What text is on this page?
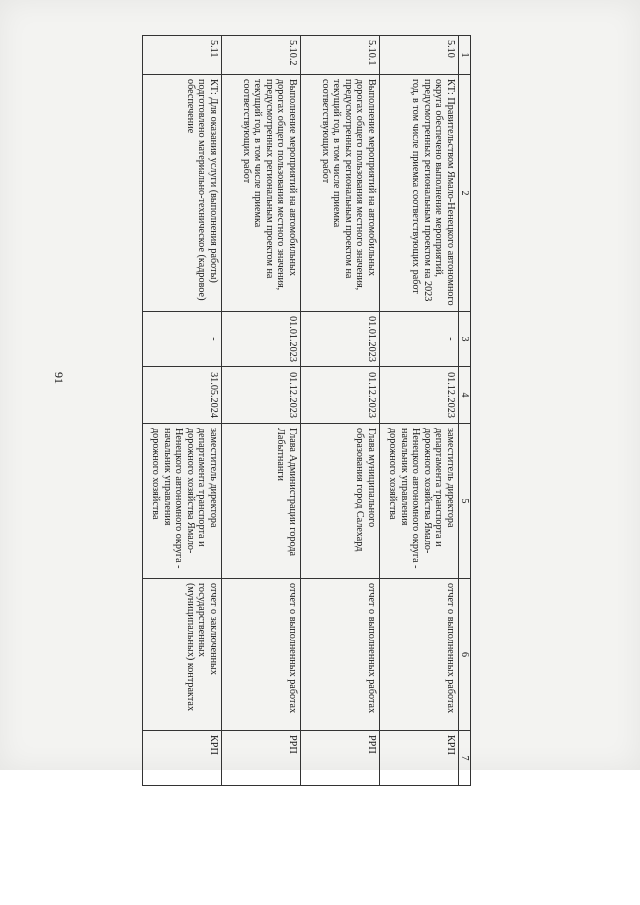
91
1	2	3	4	5	6	7
5.10	КТ: Правительством Ямало-Ненецкого автономного округа обеспечено выполнение мероприятий, предусмотренных региональным проектом на 2023 год, в том числе приемка соответствующих работ	-	01.12.2023	заместитель директора департамента транспорта и дорожного хозяйства Ямало-Ненецкого автономного округа - начальник управления дорожного хозяйства	отчет о выполненных работах	КРП
5.10.1	Выполнение мероприятий на автомобильных дорогах общего пользования местного значения, предусмотренных региональным проектом на текущий год, в том числе приемка соответствующих работ	01.01.2023	01.12.2023	Глава муниципального образования город Салехард	отчет о выполненных работах	РРП
5.10.2	Выполнение мероприятий на автомобильных дорогах общего пользования местного значения, предусмотренных региональным проектом на текущий год, в том числе приемка соответствующих работ	01.01.2023	01.12.2023	Глава Администрации города Лабытнанги	отчет о выполненных работах	РРП
5.11	КТ: Для оказания услуги (выполнения работы) подготовлено материально-техническое (кадровое) обеспечение	-	31.05.2024	заместитель директора департамента транспорта и дорожного хозяйства Ямало-Ненецкого автономного округа - начальник управления дорожного хозяйства	отчет о заключенных государственных (муниципальных) контрактах	КРП
